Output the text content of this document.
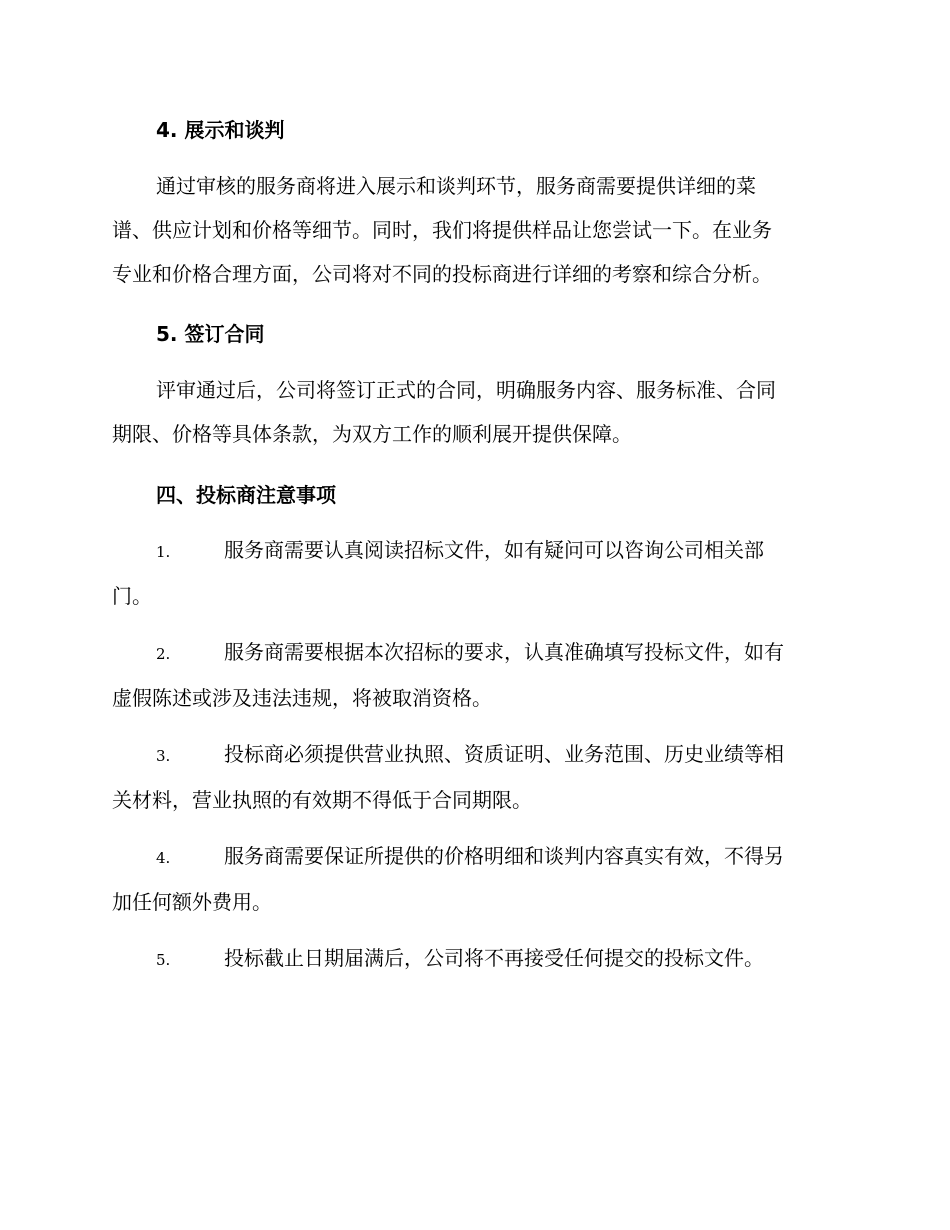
4. 展示和谈判
通过审核的服务商将进入展示和谈判环节，服务商需要提供详细的菜
谱、供应计划和价格等细节。同时，我们将提供样品让您尝试一下。在业务
专业和价格合理方面，公司将对不同的投标商进行详细的考察和综合分析。
5. 签订合同
评审通过后，公司将签订正式的合同，明确服务内容、服务标准、合同
期限、价格等具体条款，为双方工作的顺利展开提供保障。
四、投标商注意事项
1.	服务商需要认真阅读招标文件，如有疑问可以咨询公司相关部
门。
2.	服务商需要根据本次招标的要求，认真准确填写投标文件，如有
虚假陈述或涉及违法违规，将被取消资格。
3.	投标商必须提供营业执照、资质证明、业务范围、历史业绩等相
关材料，营业执照的有效期不得低于合同期限。
4.	服务商需要保证所提供的价格明细和谈判内容真实有效，不得另
加任何额外费用。
5.	投标截止日期届满后，公司将不再接受任何提交的投标文件。
